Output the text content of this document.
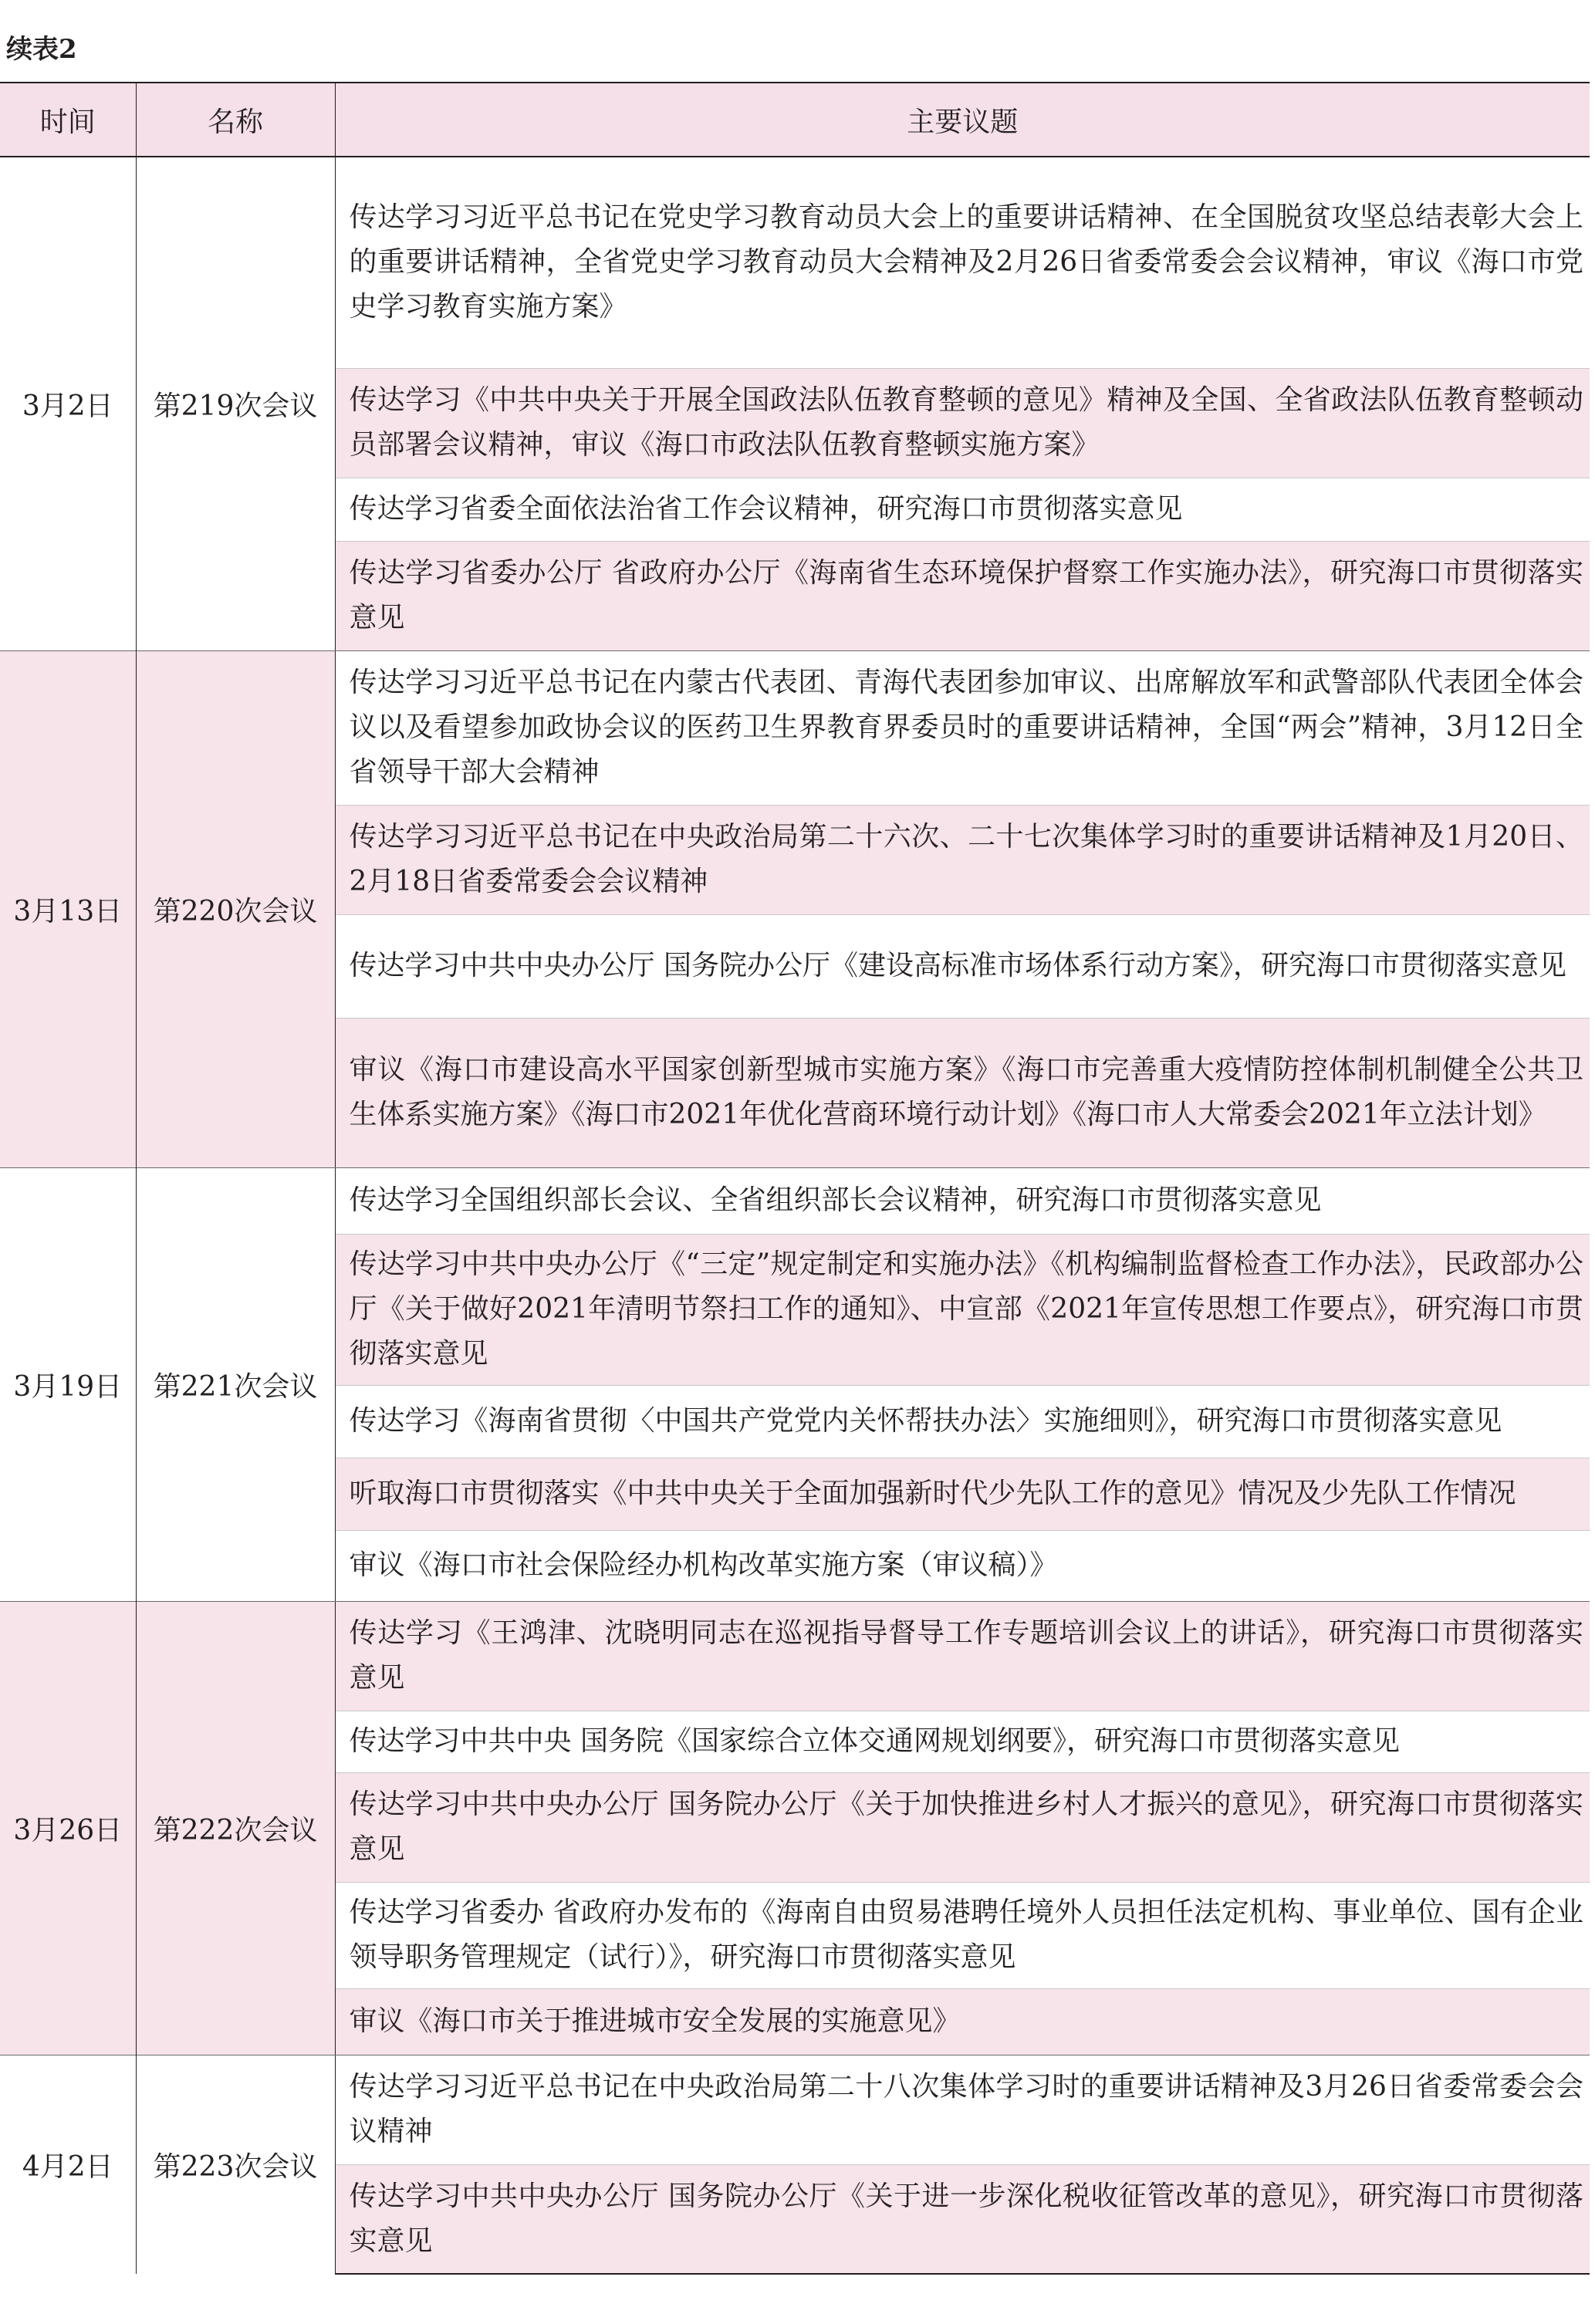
续表2
时间	名称	主要议题
3月2日	第219次会议	传达学习习近平总书记在党史学习教育动员大会上的重要讲话精神、在全国脱贫攻坚总结表彰大会上的重要讲话精神，全省党史学习教育动员大会精神及2月26日省委常委会会议精神，审议《海口市党史学习教育实施方案》

		传达学习《中共中央关于开展全国政法队伍教育整顿的意见》精神及全国、全省政法队伍教育整顿动员部署会议精神，审议《海口市政法队伍教育整顿实施方案》

		传达学习省委全面依法治省工作会议精神，研究海口市贯彻落实意见

		传达学习省委办公厅 省政府办公厅《海南省生态环境保护督察工作实施办法》，研究海口市贯彻落实意见

3月13日	第220次会议	传达学习习近平总书记在内蒙古代表团、青海代表团参加审议、出席解放军和武警部队代表团全体会议以及看望参加政协会议的医药卫生界教育界委员时的重要讲话精神，全国“两会”精神，3月12日全省领导干部大会精神

		传达学习习近平总书记在中央政治局第二十六次、二十七次集体学习时的重要讲话精神及1月20日、2月18日省委常委会会议精神

		传达学习中共中央办公厅 国务院办公厅《建设高标准市场体系行动方案》，研究海口市贯彻落实意见

		审议《海口市建设高水平国家创新型城市实施方案》《海口市完善重大疫情防控体制机制健全公共卫生体系实施方案》《海口市2021年优化营商环境行动计划》《海口市人大常委会2021年立法计划》

3月19日	第221次会议	传达学习全国组织部长会议、全省组织部长会议精神，研究海口市贯彻落实意见

		传达学习中共中央办公厅《“三定”规定制定和实施办法》《机构编制监督检查工作办法》，民政部办公厅《关于做好2021年清明节祭扫工作的通知》、中宣部《2021年宣传思想工作要点》，研究海口市贯彻落实意见

		传达学习《海南省贯彻〈中国共产党党内关怀帮扶办法〉实施细则》，研究海口市贯彻落实意见

		听取海口市贯彻落实《中共中央关于全面加强新时代少先队工作的意见》情况及少先队工作情况

		审议《海口市社会保险经办机构改革实施方案（审议稿）》

3月26日	第222次会议	传达学习《王鸿津、沈晓明同志在巡视指导督导工作专题培训会议上的讲话》，研究海口市贯彻落实意见

		传达学习中共中央 国务院《国家综合立体交通网规划纲要》，研究海口市贯彻落实意见

		传达学习中共中央办公厅 国务院办公厅《关于加快推进乡村人才振兴的意见》，研究海口市贯彻落实意见

		传达学习省委办 省政府办发布的《海南自由贸易港聘任境外人员担任法定机构、事业单位、国有企业领导职务管理规定（试行）》，研究海口市贯彻落实意见

		审议《海口市关于推进城市安全发展的实施意见》

4月2日	第223次会议	传达学习习近平总书记在中央政治局第二十八次集体学习时的重要讲话精神及3月26日省委常委会会议精神

		传达学习中共中央办公厅 国务院办公厅《关于进一步深化税收征管改革的意见》，研究海口市贯彻落实意见
